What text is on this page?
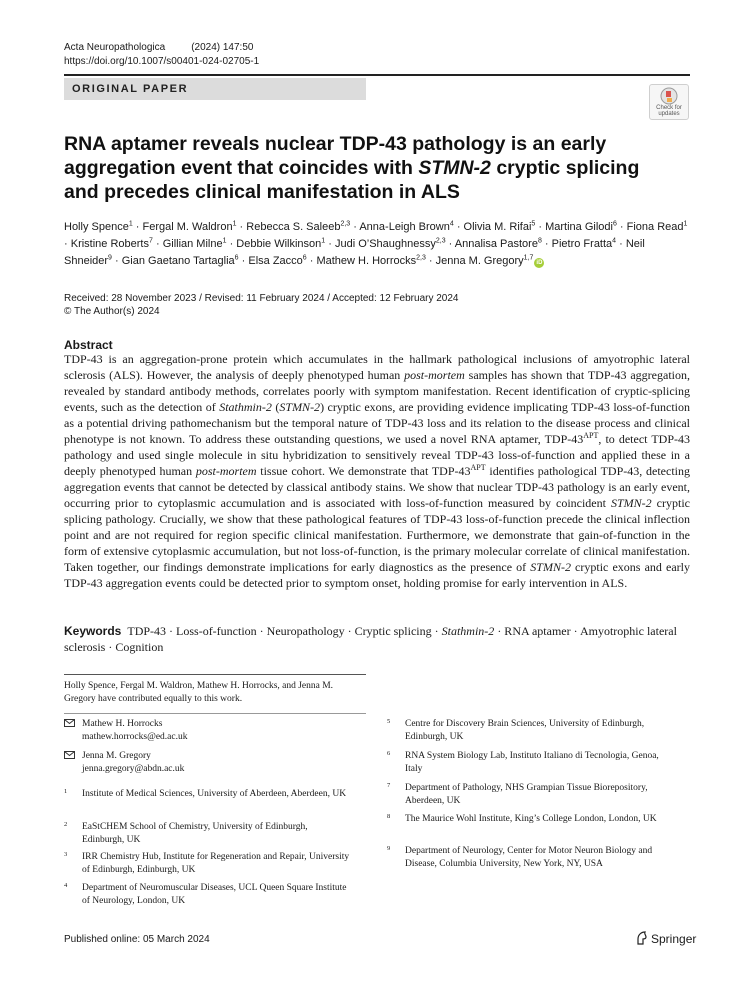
Acta Neuropathologica	(2024) 147:50
https://doi.org/10.1007/s00401-024-02705-1
ORIGINAL PAPER
Check for
updates
RNA aptamer reveals nuclear TDP-43 pathology is an early aggregation event that coincides with STMN-2 cryptic splicing and precedes clinical manifestation in ALS
Holly Spence$^1$ · Fergal M. Waldron$^1$ · Rebecca S. Saleeb$^{2,3}$ · Anna-Leigh Brown$^4$ · Olivia M. Rifai$^5$ · Martina Gilodi$^6$ · Fiona Read$^1$ · Kristine Roberts$^7$ · Gillian Milne$^1$ · Debbie Wilkinson$^1$ · Judi O’Shaughnessy$^{2,3}$ · Annalisa Pastore$^8$ · Pietro Fratta$^4$ · Neil Shneider$^9$ · Gian Gaetano Tartaglia$^6$ · Elsa Zacco$^6$ · Mathew H. Horrocks$^{2,3}$ · Jenna M. Gregory$^{1,7}$iD
Received: 28 November 2023 / Revised: 11 February 2024 / Accepted: 12 February 2024
© The Author(s) 2024
Abstract

TDP-43 is an aggregation-prone protein which accumulates in the hallmark pathological inclusions of amyotrophic lateral sclerosis (ALS). However, the analysis of deeply phenotyped human post-mortem samples has shown that TDP-43 aggregation, revealed by standard antibody methods, correlates poorly with symptom manifestation. Recent identification of cryptic-splicing events, such as the detection of Stathmin-2 (STMN-2) cryptic exons, are providing evidence implicating TDP-43 loss-of-function as a potential driving pathomechanism but the temporal nature of TDP-43 loss and its relation to the disease process and clinical phenotype is not known. To address these outstanding questions, we used a novel RNA aptamer, TDP-$43^{APT}$, to detect TDP-43 pathology and used single molecule in situ hybridization to sensitively reveal TDP-43 loss-of-function and applied these in a deeply phenotyped human post-mortem tissue cohort. We demonstrate that TDP-$43^{APT}$ identifies pathological TDP-43, detecting aggregation events that cannot be detected by classical antibody stains. We show that nuclear TDP-43 pathology is an early event, occurring prior to cytoplasmic accumulation and is associated with loss-of-function measured by coincident STMN-2 cryptic splicing pathology. Crucially, we show that these pathological features of TDP-43 loss-of-function precede the clinical inflection point and are not required for region specific clinical manifestation. Furthermore, we demonstrate that gain-of-function in the form of extensive cytoplasmic accumulation, but not loss-of-function, is the primary molecular correlate of clinical manifestation. Taken together, our findings demonstrate implications for early diagnostics as the presence of STMN-2 cryptic exons and early TDP-43 aggregation events could be detected prior to symptom onset, holding promise for early intervention in ALS.

Keywords TDP-43 · Loss-of-function · Neuropathology · Cryptic splicing · Stathmin-2 · RNA aptamer · Amyotrophic lateral sclerosis · Cognition
Holly Spence, Fergal M. Waldron, Mathew H. Horrocks, and Jenna M. Gregory have contributed equally to this work.
Mathew H. Horrocks
mathew.horrocks@ed.ac.uk
Jenna M. Gregory
jenna.gregory@abdn.ac.uk
1 Institute of Medical Sciences, University of Aberdeen, Aberdeen, UK
2 EaStCHEM School of Chemistry, University of Edinburgh, Edinburgh, UK
3 IRR Chemistry Hub, Institute for Regeneration and Repair, University of Edinburgh, Edinburgh, UK
4 Department of Neuromuscular Diseases, UCL Queen Square Institute of Neurology, London, UK
5 Centre for Discovery Brain Sciences, University of Edinburgh, Edinburgh, UK
6 RNA System Biology Lab, Instituto Italiano di Tecnologia, Genoa, Italy
7 Department of Pathology, NHS Grampian Tissue Biorepository, Aberdeen, UK
8 The Maurice Wohl Institute, King’s College London, London, UK
9 Department of Neurology, Center for Motor Neuron Biology and Disease, Columbia University, New York, NY, USA
Published online: 05 March 2024	Springer
